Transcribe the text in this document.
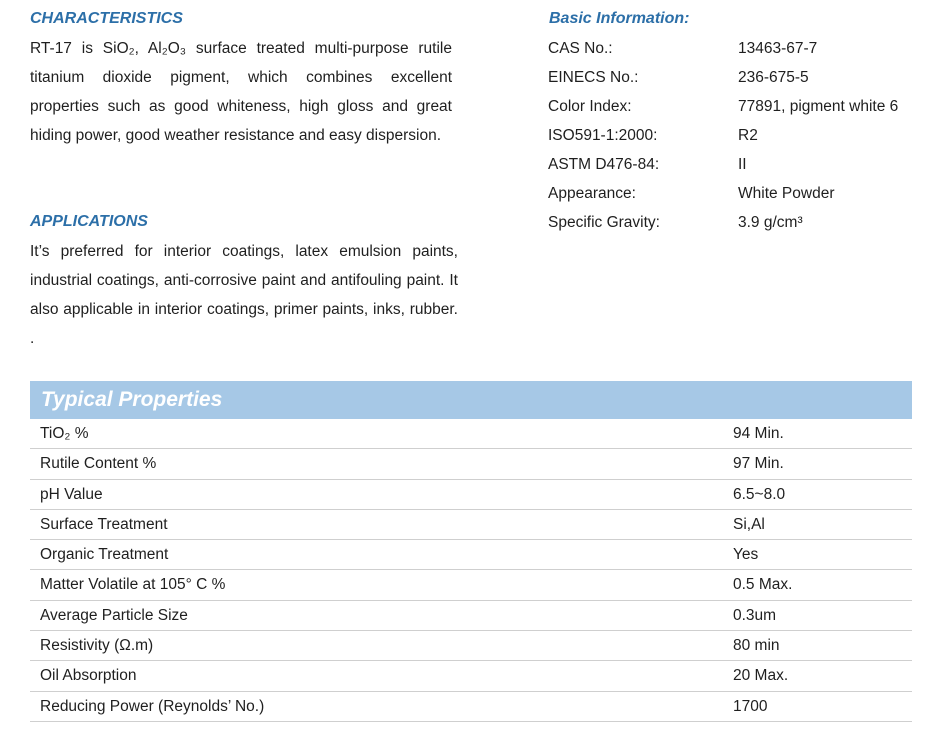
CHARACTERISTICS

RT-17 is SiO₂, Al₂O₃ surface treated multi-purpose rutile titanium dioxide pigment, which combines excellent properties such as good whiteness, high gloss and great hiding power, good weather resistance and easy dispersion.

APPLICATIONS

It’s preferred for interior coatings, latex emulsion paints, industrial coatings, anti-corrosive paint and antifouling paint. It also applicable in interior coatings, primer paints, inks, rubber. .

Basic Information:
CAS No.:	13463-67-7
EINECS No.:	236-675-5
Color Index:	77891, pigment white 6
ISO591-1:2000:	R2
ASTM D476-84:	II
Appearance:	White Powder
Specific Gravity:	3.9 g/cm³
Typical Properties
TiO₂ %	94 Min.
Rutile Content %	97 Min.
pH Value	6.5~8.0
Surface Treatment	Si,Al
Organic Treatment	Yes
Matter Volatile at 105° C %	0.5 Max.
Average Particle Size	0.3um
Resistivity (Ω.m)	80 min
Oil Absorption	20 Max.
Reducing Power (Reynolds’ No.)	1700
